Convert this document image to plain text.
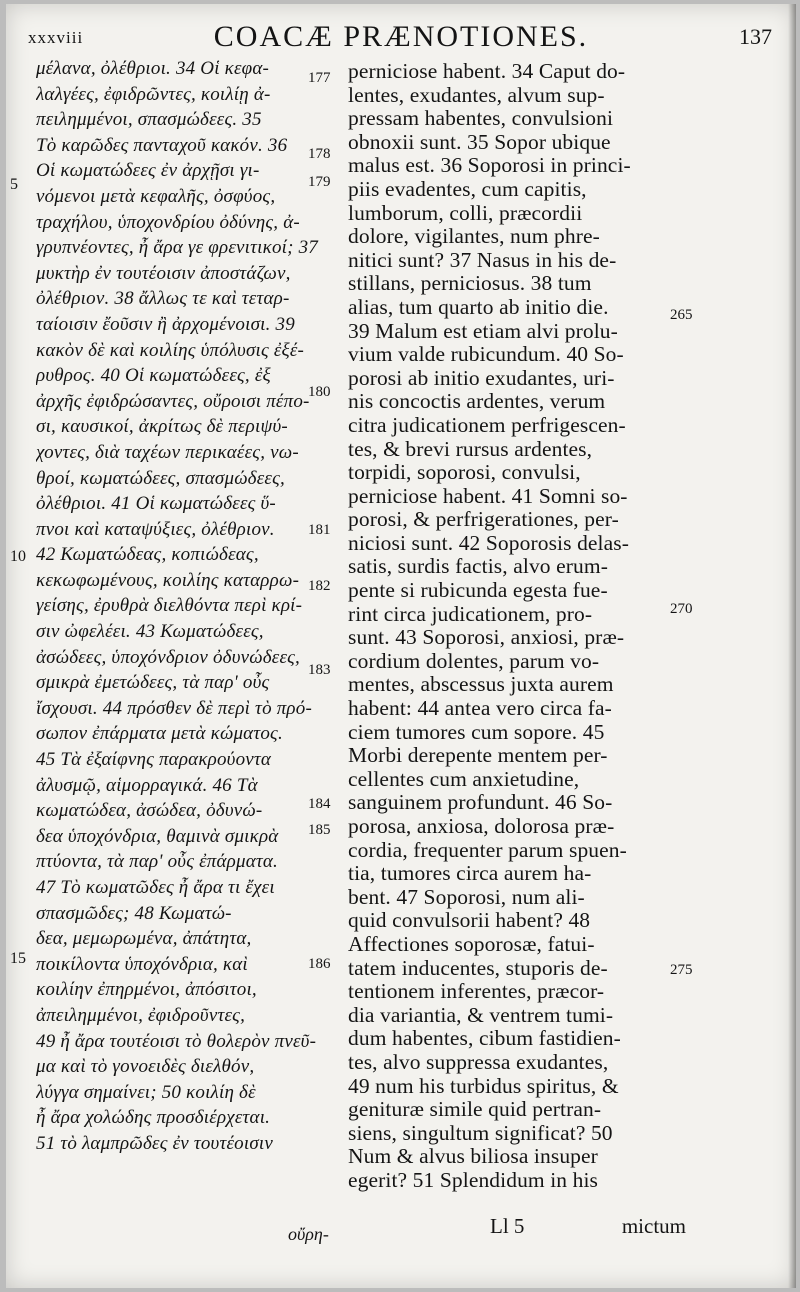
xxxviii	COACÆ PRÆNOTIONES.	137
μέλανα, ὀλέθριοι. 34 Οἱ κεφα-
λαλγέες, ἐφιδρῶντες, κοιλίῃ ἀ-
πειλημμένοι, σπασμώδεες. 35
Τὸ καρῶδες πανταχοῦ κακόν. 36
Οἱ κωματώδεες ἐν ἀρχῇσι γι-
νόμενοι μετὰ κεφαλῆς, ὀσφύος,
τραχήλου, ὑποχονδρίου ὀδύνης, ἀ-
γρυπνέοντες, ἦ ἄρα γε φρενιτικοί; 37
μυκτὴρ ἐν τουτέοισιν ἀποστάζων,
ὀλέθριον. 38 ἄλλως τε καὶ τεταρ-
ταίοισιν ἔοῦσιν ἢ ἀρχομένοισι. 39
κακὸν δὲ καὶ κοιλίης ὑπόλυσις ἐξέ-
ρυθρος. 40 Οἱ κωματώδεες, ἐξ
ἀρχῆς ἐφιδρώσαντες, οὔροισι πέπο-
σι, καυσικοί, ἀκρίτως δὲ περιψύ-
χοντες, διὰ ταχέων περικαέες, νω-
θροί, κωματώδεες, σπασμώδεες,
ὀλέθριοι. 41 Οἱ κωματώδεες ὕ-
πνοι καὶ καταψύξιες, ὀλέθριον.
42 Κωματώδεας, κοπιώδεας,
κεκωφωμένους, κοιλίης καταρρω-
γείσης, ἐρυθρὰ διελθόντα περὶ κρί-
σιν ὠφελέει. 43 Κωματώδεες,
ἀσώδεες, ὑποχόνδριον ὀδυνώδεες,
σμικρὰ ἐμετώδεες, τὰ παρ' οὖς
ἴσχουσι. 44 πρόσθεν δὲ περὶ τὸ πρό-
σωπον ἐπάρματα μετὰ κώματος.
45 Τὰ ἐξαίφνης παρακρούοντα
ἀλυσμῷ, αἱμορραγικά. 46 Τὰ
κωματώδεα, ἀσώδεα, ὀδυνώ-
δεα ὑποχόνδρια, θαμινὰ σμικρὰ
πτύοντα, τὰ παρ' οὖς ἐπάρματα.
47 Τὸ κωματῶδες ἦ ἄρα τι ἔχει
σπασμῶδες; 48 Κωματώ-
δεα, μεμωρωμένα, ἀπάτητα,
ποικίλοντα ὑποχόνδρια, καὶ
κοιλίην ἐπηρμένοι, ἀπόσιτοι,
ἀπειλημμένοι, ἐφιδροῦντες,
49 ἦ ἄρα τουτέοισι τὸ θολερὸν πνεῦ-
μα καὶ τὸ γονοειδὲς διελθόν,
λύγγα σημαίνει; 50 κοιλίη δὲ
ἦ ἄρα χολώδης προσδιέρχεται.
51 τὸ λαμπρῶδες ἐν τουτέοισιν
perniciose habent. 34 Caput do-
lentes, exudantes, alvum sup-
pressam habentes, convulsioni
obnoxii sunt. 35 Sopor ubique
malus est. 36 Soporosi in princi-
piis evadentes, cum capitis,
lumborum, colli, præcordii
dolore, vigilantes, num phre-
nitici sunt? 37 Nasus in his de-
stillans, perniciosus. 38 tum
alias, tum quarto ab initio die.
39 Malum est etiam alvi prolu-
vium valde rubicundum. 40 So-
porosi ab initio exudantes, uri-
nis concoctis ardentes, verum
citra judicationem perfrigescen-
tes, & brevi rursus ardentes,
torpidi, soporosi, convulsi,
perniciose habent. 41 Somni so-
porosi, & perfrigerationes, per-
niciosi sunt. 42 Soporosis delas-
satis, surdis factis, alvo erum-
pente si rubicunda egesta fue-
rint circa judicationem, pro-
sunt. 43 Soporosi, anxiosi, præ-
cordium dolentes, parum vo-
mentes, abscessus juxta aurem
habent: 44 antea vero circa fa-
ciem tumores cum sopore. 45
Morbi derepente mentem per-
cellentes cum anxietudine,
sanguinem profundunt. 46 So-
porosa, anxiosa, dolorosa præ-
cordia, frequenter parum spuen-
tia, tumores circa aurem ha-
bent. 47 Soporosi, num ali-
quid convulsorii habent? 48
Affectiones soporosæ, fatui-
tatem inducentes, stuporis de-
tentionem inferentes, præcor-
dia variantia, & ventrem tumi-
dum habentes, cibum fastidien-
tes, alvo suppressa exudantes,
49 num his turbidus spiritus, &
genituræ simile quid pertran-
siens, singultum significat? 50
Num & alvus biliosa insuper
egerit? 51 Splendidum in his
5
10
15
177
178
179
180
181
182
183
184
185
186
265
270
275
οὔρη-	Ll 5	mictum
